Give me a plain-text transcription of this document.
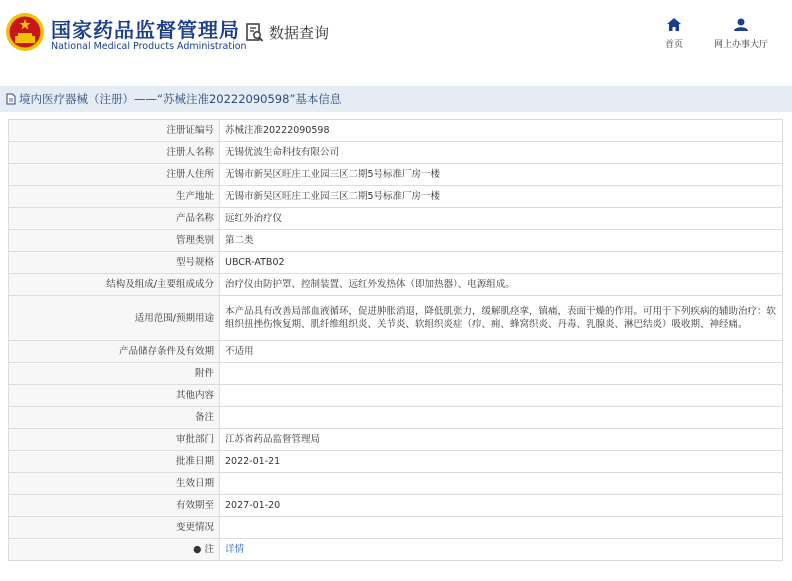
国家药品监督管理局
National Medical Products Administration
数据查询
首页	网上办事大厅
境内医疗器械（注册）——“苏械注准20222090598”基本信息
注册证编号	苏械注准20222090598
注册人名称	无锡优波生命科技有限公司
注册人住所	无锡市新吴区旺庄工业园三区二期5号标准厂房一楼
生产地址	无锡市新吴区旺庄工业园三区二期5号标准厂房一楼
产品名称	远红外治疗仪
管理类别	第二类
型号规格	UBCR-ATB02
结构及组成/主要组成成分	治疗仪由防护罩、控制装置、远红外发热体（即加热器）、电源组成。
适用范围/预期用途	本产品具有改善局部血液循环，促进肿胀消退，降低肌张力，缓解肌痉挛，镇痛，表面干燥的作用。可用于下列疾病的辅助治疗：软组织扭挫伤恢复期、肌纤维组织炎、关节炎、软组织炎症（疖、痈、蜂窝织炎、丹毒、乳腺炎、淋巴结炎）吸收期、神经痛。
产品储存条件及有效期	不适用
附件	
其他内容	
备注	
审批部门	江苏省药品监督管理局
批准日期	2022-01-21
生效日期	
有效期至	2027-01-20
变更情况	
● 注	详情
